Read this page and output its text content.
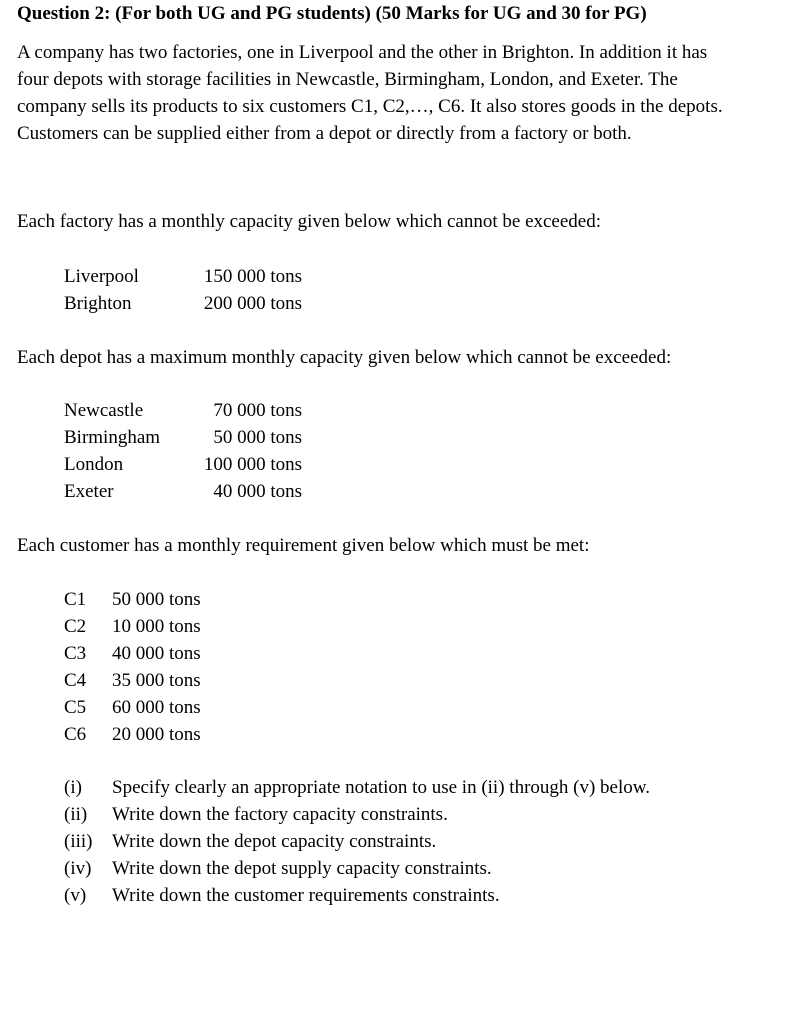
Question 2: (For both UG and PG students) (50 Marks for UG and 30 for PG)
A company has two factories, one in Liverpool and the other in Brighton. In addition it has
four depots with storage facilities in Newcastle, Birmingham, London, and Exeter. The
company sells its products to six customers C1, C2,…, C6. It also stores goods in the depots.
Customers can be supplied either from a depot or directly from a factory or both.
Each factory has a monthly capacity given below which cannot be exceeded:
Liverpool	150 000 tons
Brighton	200 000 tons
Each depot has a maximum monthly capacity given below which cannot be exceeded:
Newcastle	70 000 tons
Birmingham	50 000 tons
London	100 000 tons
Exeter	40 000 tons
Each customer has a monthly requirement given below which must be met:
C1 50 000 tons
C2 10 000 tons
C3 40 000 tons
C4 35 000 tons
C5 60 000 tons
C6 20 000 tons
(i) Specify clearly an appropriate notation to use in (ii) through (v) below.
(ii) Write down the factory capacity constraints.
(iii) Write down the depot capacity constraints.
(iv) Write down the depot supply capacity constraints.
(v) Write down the customer requirements constraints.
